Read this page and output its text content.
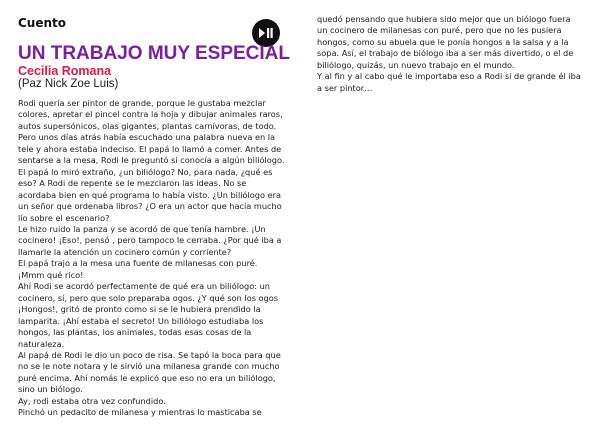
Cuento
UN TRABAJO MUY ESPECIAL
Cecilia Romana
(Paz Nick Zoe Luis)
Rodi quería ser pintor de grande, porque le gustaba mezclar
colores, apretar el pincel contra la hoja y dibujar animales raros,
autos supersónicos, olas gigantes, plantas carnívoras, de todo.
Pero unos días atrás había escuchado una palabra nueva en la
tele y ahora estaba indeciso. El papá lo llamó a comer. Antes de
sentarse a la mesa, Rodi le preguntó si conocía a algún biliólogo.
El papá lo miró extraño, ¿un biliólogo? No, para nada, ¿qué es
eso? A Rodi de repente se le mezclaron las ideas. No se
acordaba bien en qué programa lo había visto. ¿Un biliólogo era
un señor que ordenaba libros? ¿O era un actor que hacía mucho
lío sobre el escenario?
Le hizo ruido la panza y se acordó de que tenía hambre. ¡Un
cocinero! ¡Eso!, pensó , pero tampoco le cerraba. ¿Por qué iba a
llamarle la atención un cocinero común y corriente?
El papá trajo a la mesa una fuente de milanesas con puré.
¡Mmm qué rico!
Ahí Rodi se acordó perfectamente de qué era un biliólogo: un
cocinero, sí, pero que solo preparaba ogos. ¿Y qué son los ogos
¡Hongos!, gritó de pronto como si se le hubiera prendido la
lamparita. ¡Ahí estaba el secreto! Un biliólogo estudiaba los
hongos, las plantas, los animales, todas esas cosas de la
naturaleza.
Al papá de Rodi le dio un poco de risa. Se tapó la boca para que
no se le note notara y le sirvió una milanesa grande con mucho
puré encima. Ahí nomás le explicó que eso no era un biliólogo,
sino un biólogo.
Ay, rodi estaba otra vez confundido.
Pinchó un pedacito de milanesa y mientras lo masticaba se
quedó pensando que hubiera sido mejor que un biólogo fuera
un cocinero de milanesas con puré, pero que no les pusiera
hongos, como su abuela que le ponía hongos a la salsa y a la
sopa. Así, el trabajo de biólogo iba a ser más divertido, o el de
biliólogo, quizás, un nuevo trabajo en el mundo.
Y al fin y al cabo qué le importaba eso a Rodi si de grande él iba
a ser pintor…
